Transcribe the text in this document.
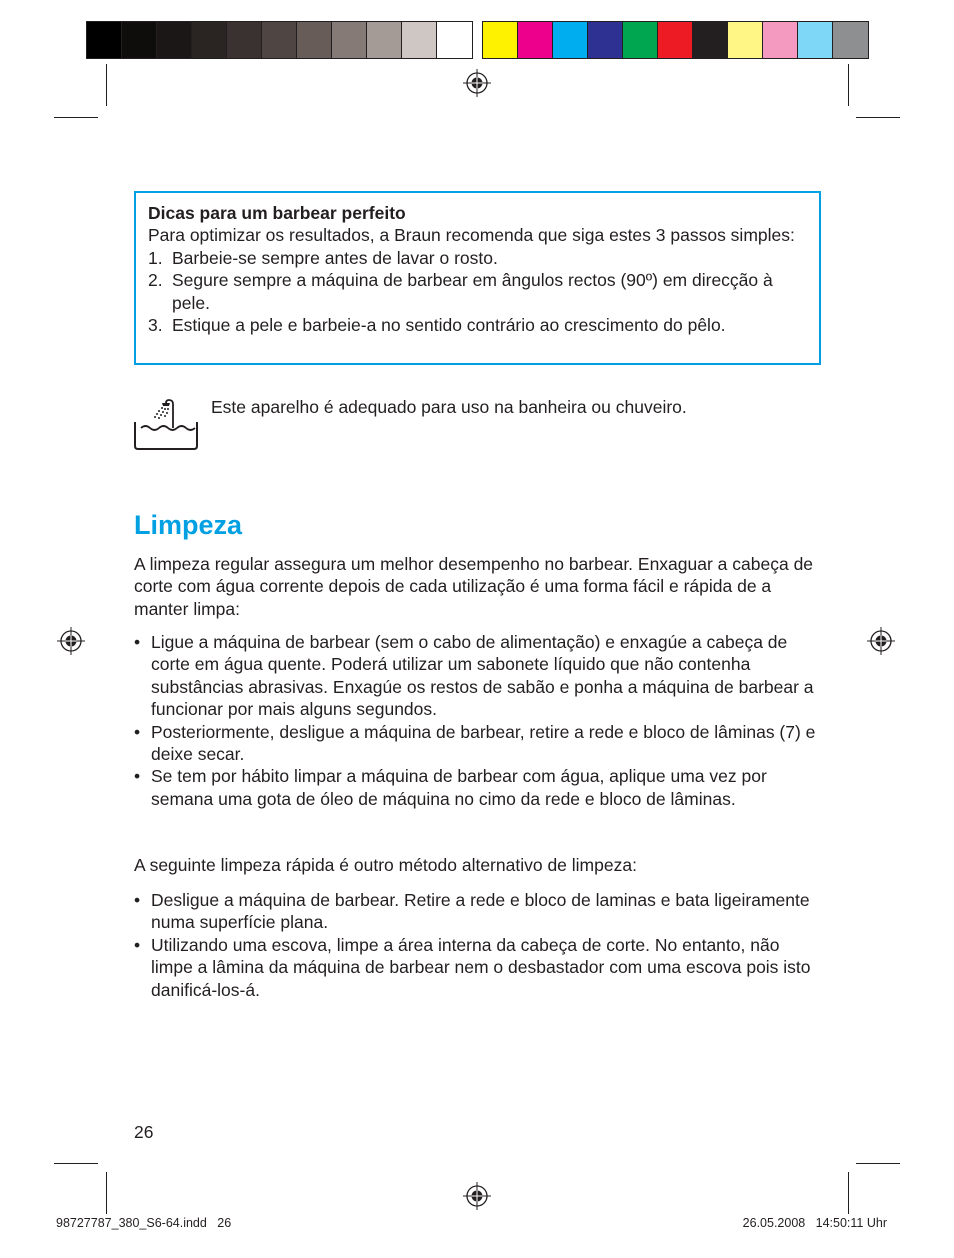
Dicas para um barbear perfeito
Para optimizar os resultados, a Braun recomenda que siga estes 3 passos simples:
1. Barbeie-se sempre antes de lavar o rosto.
2. Segure sempre a máquina de barbear em ângulos rectos (90º) em direcção à pele.
3. Estique a pele e barbeie-a no sentido contrário ao crescimento do pêlo.
Este aparelho é adequado para uso na banheira ou chuveiro.
Limpeza
A limpeza regular assegura um melhor desempenho no barbear. Enxaguar a cabeça de corte com água corrente depois de cada utilização é uma forma fácil e rápida de a manter limpa:
• Ligue a máquina de barbear (sem o cabo de alimentação) e enxagúe a cabeça de corte em água quente. Poderá utilizar um sabonete líquido que não contenha substâncias abrasivas. Enxagúe os restos de sabão e ponha a máquina de barbear a funcionar por mais alguns segundos.
• Posteriormente, desligue a máquina de barbear, retire a rede e bloco de lâminas (7) e deixe secar.
• Se tem por hábito limpar a máquina de barbear com água, aplique uma vez por semana uma gota de óleo de máquina no cimo da rede e bloco de lâminas.
A seguinte limpeza rápida é outro método alternativo de limpeza:
• Desligue a máquina de barbear. Retire a rede e bloco de laminas e bata ligeiramente numa superfície plana.
• Utilizando uma escova, limpe a área interna da cabeça de corte. No entanto, não limpe a lâmina da máquina de barbear nem o desbastador com uma escova pois isto danificá-los-á.
26
98727787_380_S6-64.indd   26	26.05.2008   14:50:11 Uhr
